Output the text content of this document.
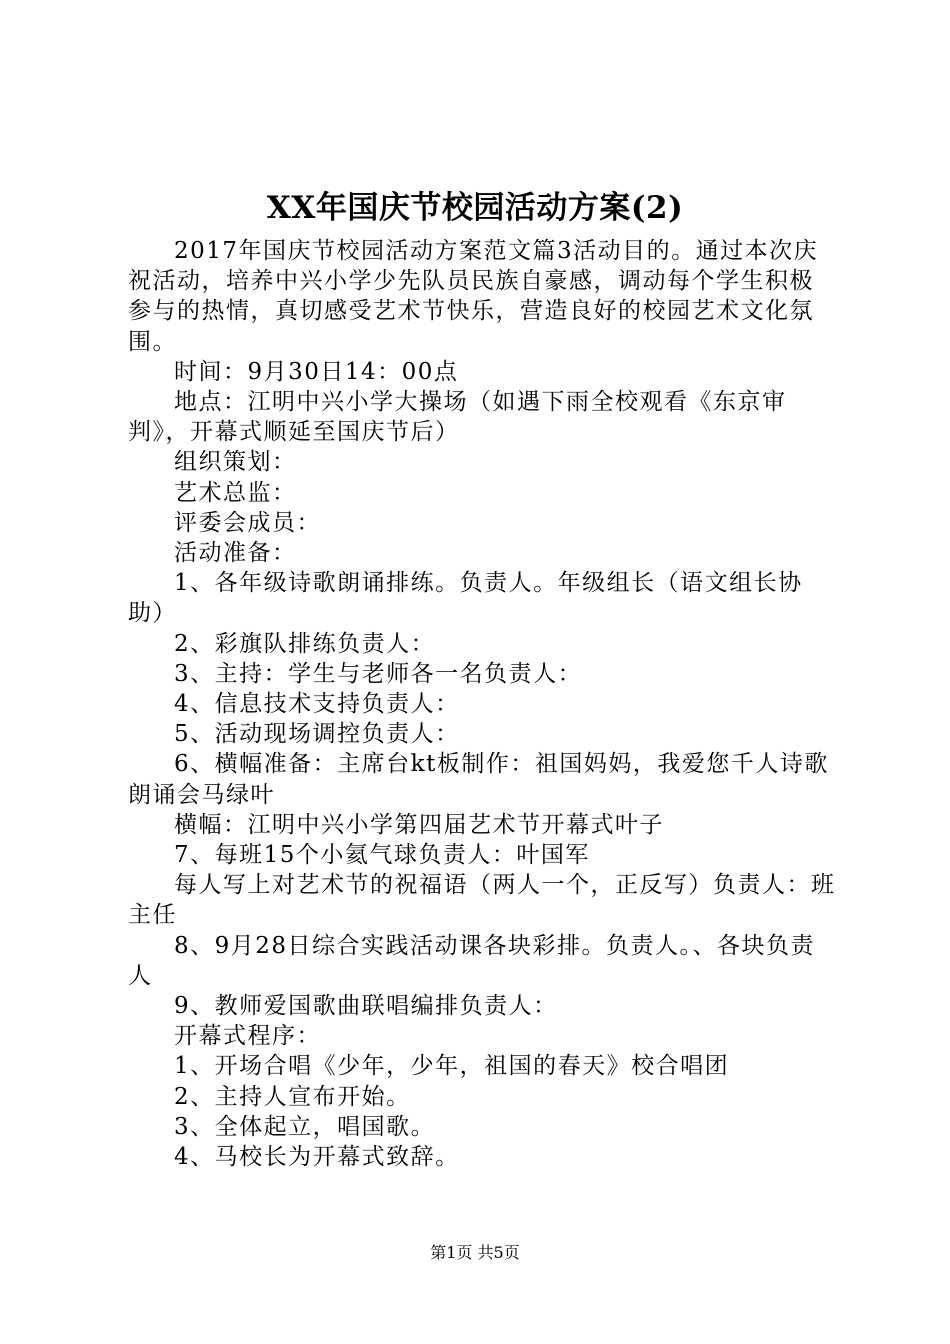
XX年国庆节校园活动方案(2)

2017年国庆节校园活动方案范文篇3活动目的。通过本次庆祝活动，培养中兴小学少先队员民族自豪感，调动每个学生积极参与的热情，真切感受艺术节快乐，营造良好的校园艺术文化氛围。

时间：9月30日14：00点

地点：江明中兴小学大操场（如遇下雨全校观看《东京审判》，开幕式顺延至国庆节后）

组织策划：

艺术总监：

评委会成员：

活动准备：

1、各年级诗歌朗诵排练。负责人。年级组长（语文组长协助）

2、彩旗队排练负责人：

3、主持：学生与老师各一名负责人：

4、信息技术支持负责人：

5、活动现场调控负责人：

6、横幅准备：主席台kt板制作：祖国妈妈，我爱您千人诗歌朗诵会马绿叶

横幅：江明中兴小学第四届艺术节开幕式叶子

7、每班15个小氦气球负责人：叶国军

每人写上对艺术节的祝福语（两人一个，正反写）负责人：班主任

8、9月28日综合实践活动课各块彩排。负责人。、各块负责人

9、教师爱国歌曲联唱编排负责人：

开幕式程序：

1、开场合唱《少年，少年，祖国的春天》校合唱团

2、主持人宣布开始。

3、全体起立，唱国歌。

4、马校长为开幕式致辞。

第1页 共5页
